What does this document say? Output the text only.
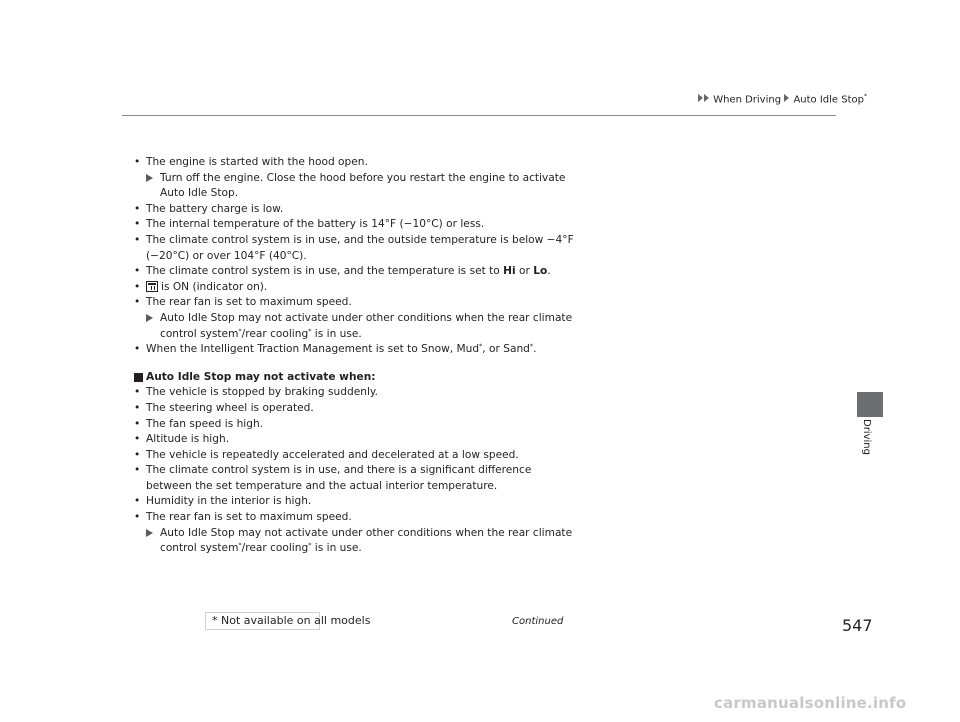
When Driving Auto Idle Stop*
Driving
• The engine is started with the hood open.
Turn off the engine. Close the hood before you restart the engine to activate Auto Idle Stop.
• The battery charge is low.
• The internal temperature of the battery is 14°F (−10°C) or less.
• The climate control system is in use, and the outside temperature is below −4°F (−20°C) or over 104°F (40°C).
• The climate control system is in use, and the temperature is set to Hi or Lo.
• is ON (indicator on).
• The rear fan is set to maximum speed.
Auto Idle Stop may not activate under other conditions when the rear climate control system*/rear cooling* is in use.
• When the Intelligent Traction Management is set to Snow, Mud*, or Sand*.
Auto Idle Stop may not activate when:
• The vehicle is stopped by braking suddenly.
• The steering wheel is operated.
• The fan speed is high.
• Altitude is high.
• The vehicle is repeatedly accelerated and decelerated at a low speed.
• The climate control system is in use, and there is a significant difference between the set temperature and the actual interior temperature.
• Humidity in the interior is high.
• The rear fan is set to maximum speed.
Auto Idle Stop may not activate under other conditions when the rear climate control system*/rear cooling* is in use.
* Not available on all models	Continued	547
carmanualsonline.info
